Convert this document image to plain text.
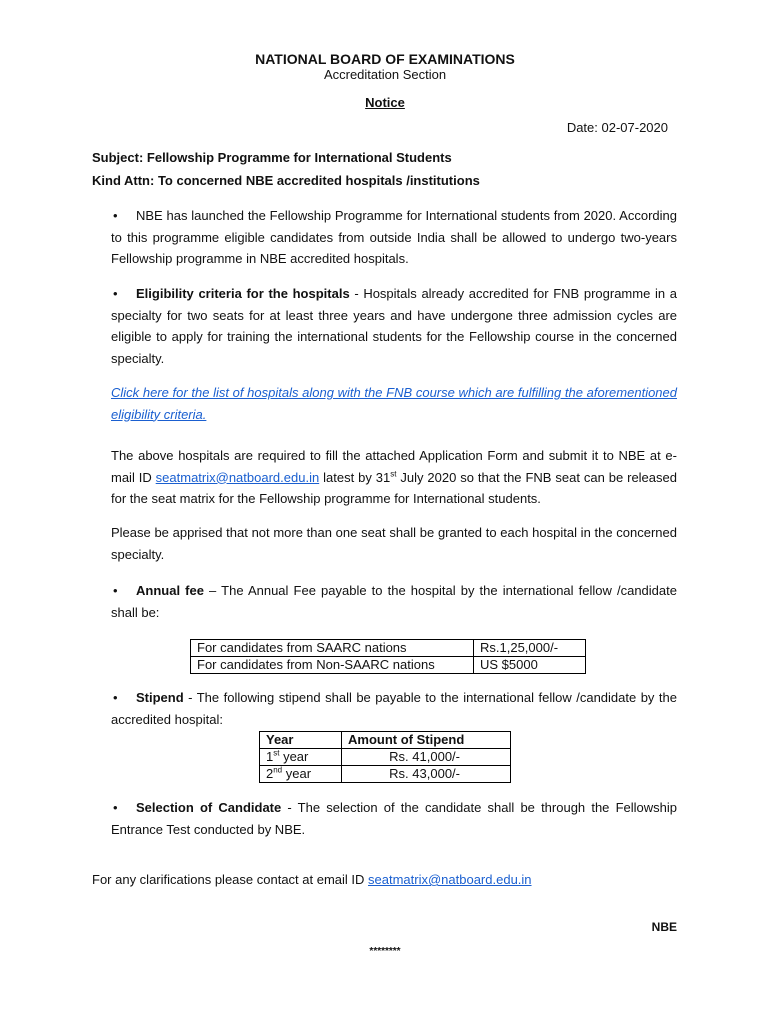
NATIONAL BOARD OF EXAMINATIONS
Accreditation Section
Notice
Date: 02-07-2020
Subject: Fellowship Programme for International Students
Kind Attn: To concerned NBE accredited hospitals /institutions
•	NBE has launched the Fellowship Programme for International students from 2020. According to this programme eligible candidates from outside India shall be allowed to undergo two-years Fellowship programme in NBE accredited hospitals.
•	Eligibility criteria for the hospitals - Hospitals already accredited for FNB programme in a specialty for two seats for at least three years and have undergone three admission cycles are eligible to apply for training the international students for the Fellowship course in the concerned specialty.
Click here for the list of hospitals along with the FNB course which are fulfilling the aforementioned eligibility criteria.
The above hospitals are required to fill the attached Application Form and submit it to NBE at e-mail ID seatmatrix@natboard.edu.in latest by 31st July 2020 so that the FNB seat can be released for the seat matrix for the Fellowship programme for International students.
Please be apprised that not more than one seat shall be granted to each hospital in the concerned specialty.
•	Annual fee – The Annual Fee payable to the hospital by the international fellow /candidate shall be:
For candidates from SAARC nations	Rs.1,25,000/-
For candidates from Non-SAARC nations	US $5000
•	Stipend - The following stipend shall be payable to the international fellow /candidate by the accredited hospital:
Year	Amount of Stipend
1st year	Rs. 41,000/-
2nd year	Rs. 43,000/-
•	Selection of Candidate - The selection of the candidate shall be through the Fellowship Entrance Test conducted by NBE.
For any clarifications please contact at email ID seatmatrix@natboard.edu.in
NBE
********
